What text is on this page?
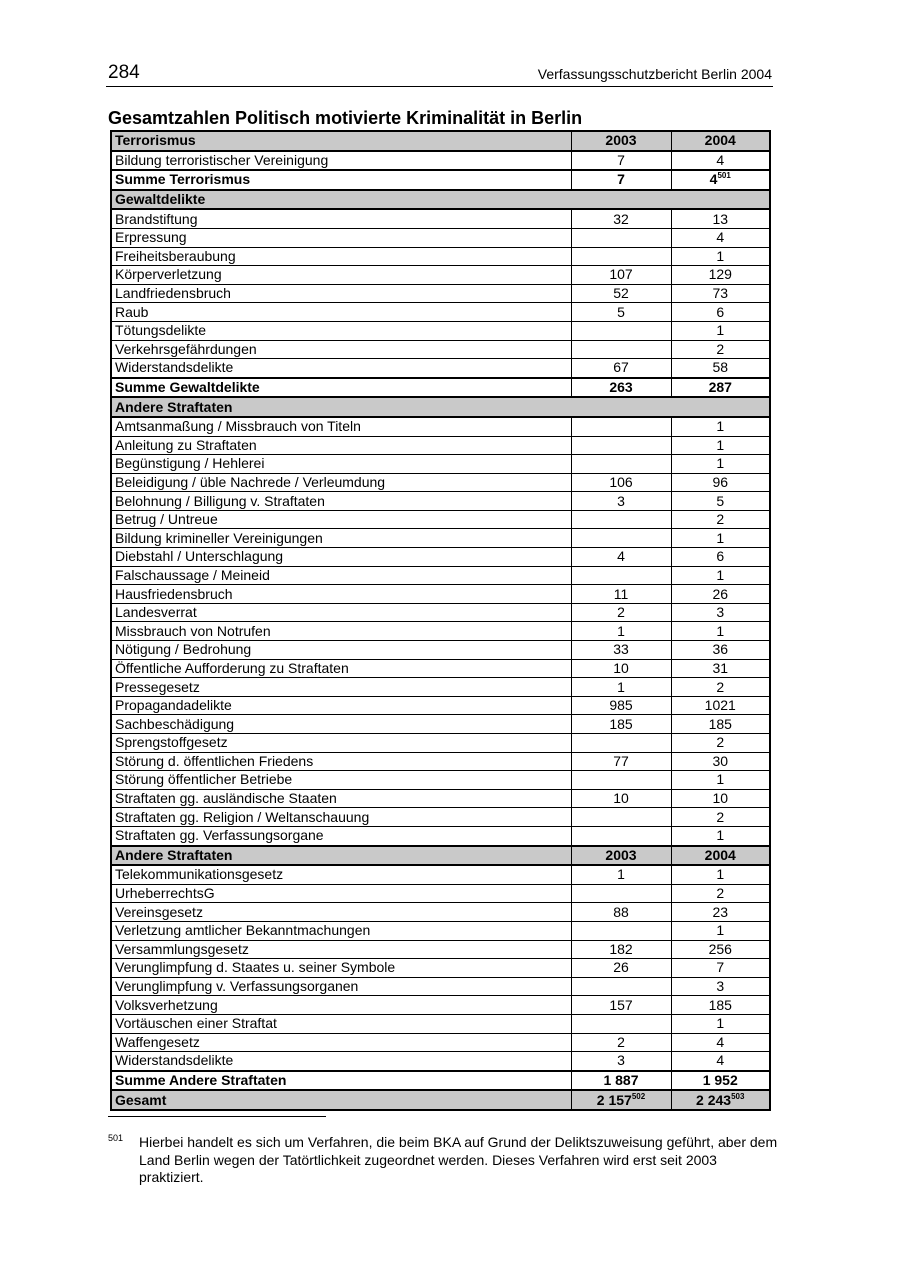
284	Verfassungsschutzbericht Berlin 2004
Gesamtzahlen Politisch motivierte Kriminalität in Berlin
Terrorismus	2003	2004
Bildung terroristischer Vereinigung	7	4
Summe Terrorismus	7	$4^{501}$
Gewaltdelikte		
Brandstiftung	32	13
Erpressung		4
Freiheitsberaubung		1
Körperverletzung	107	129
Landfriedensbruch	52	73
Raub	5	6
Tötungsdelikte		1
Verkehrsgefährdungen		2
Widerstandsdelikte	67	58
Summe Gewaltdelikte	263	287
Andere Straftaten		
Amtsanmaßung / Missbrauch von Titeln		1
Anleitung zu Straftaten		1
Begünstigung / Hehlerei		1
Beleidigung / üble Nachrede / Verleumdung	106	96
Belohnung / Billigung v. Straftaten	3	5
Betrug / Untreue		2
Bildung krimineller Vereinigungen		1
Diebstahl / Unterschlagung	4	6
Falschaussage / Meineid		1
Hausfriedensbruch	11	26
Landesverrat	2	3
Missbrauch von Notrufen	1	1
Nötigung / Bedrohung	33	36
Öffentliche Aufforderung zu Straftaten	10	31
Pressegesetz	1	2
Propagandadelikte	985	1021
Sachbeschädigung	185	185
Sprengstoffgesetz		2
Störung d. öffentlichen Friedens	77	30
Störung öffentlicher Betriebe		1
Straftaten gg. ausländische Staaten	10	10
Straftaten gg. Religion / Weltanschauung		2
Straftaten gg. Verfassungsorgane		1
Andere Straftaten	2003	2004
Telekommunikationsgesetz	1	1
UrheberrechtsG		2
Vereinsgesetz	88	23
Verletzung amtlicher Bekanntmachungen		1
Versammlungsgesetz	182	256
Verunglimpfung d. Staates u. seiner Symbole	26	7
Verunglimpfung v. Verfassungsorganen		3
Volksverhetzung	157	185
Vortäuschen einer Straftat		1
Waffengesetz	2	4
Widerstandsdelikte	3	4
Summe Andere Straftaten	1 887	1 952
Gesamt	2 $157^{502}$	2 $243^{503}$
501 Hierbei handelt es sich um Verfahren, die beim BKA auf Grund der Deliktszuweisung geführt, aber dem Land Berlin wegen der Tatörtlichkeit zugeordnet werden. Dieses Verfahren wird erst seit 2003 praktiziert.
